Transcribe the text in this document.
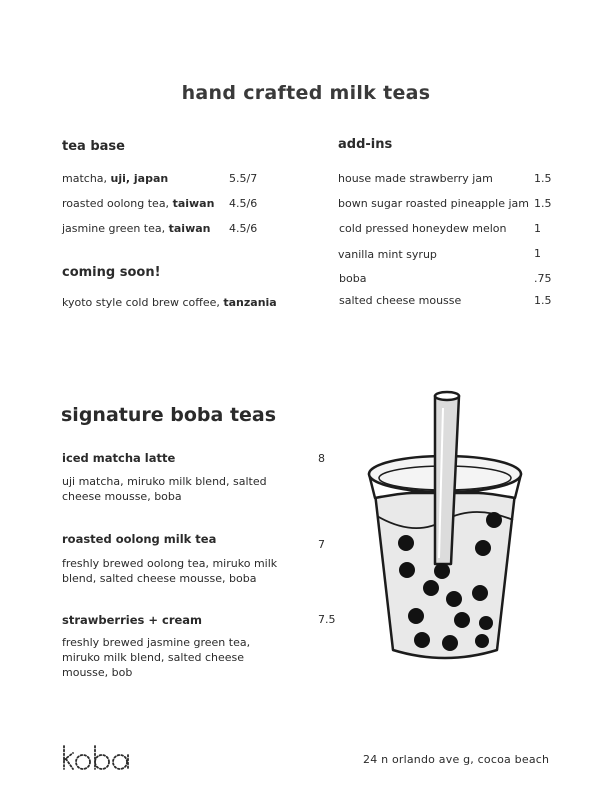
hand crafted milk teas
tea base
matcha, uji, japan	5.5/7
roasted oolong tea, taiwan 4.5/6
jasmine green tea, taiwan 4.5/6
coming soon!
kyoto style cold brew coffee, tanzania
add-ins
house made strawberry jam	1.5
bown sugar roasted pineapple jam 1.5
cold pressed honeydew melon	1
vanilla mint syrup	1
boba	.75
salted cheese mousse	1.5
signature boba teas
iced matcha latte	8
uji matcha, miruko milk blend, salted cheese mousse, boba
roasted oolong milk tea	7
freshly brewed oolong tea, miruko milk blend, salted cheese mousse, boba
strawberries + cream	7.5
freshly brewed jasmine green tea, miruko milk blend, salted cheese mousse, bob
24 n orlando ave g, cocoa beach
